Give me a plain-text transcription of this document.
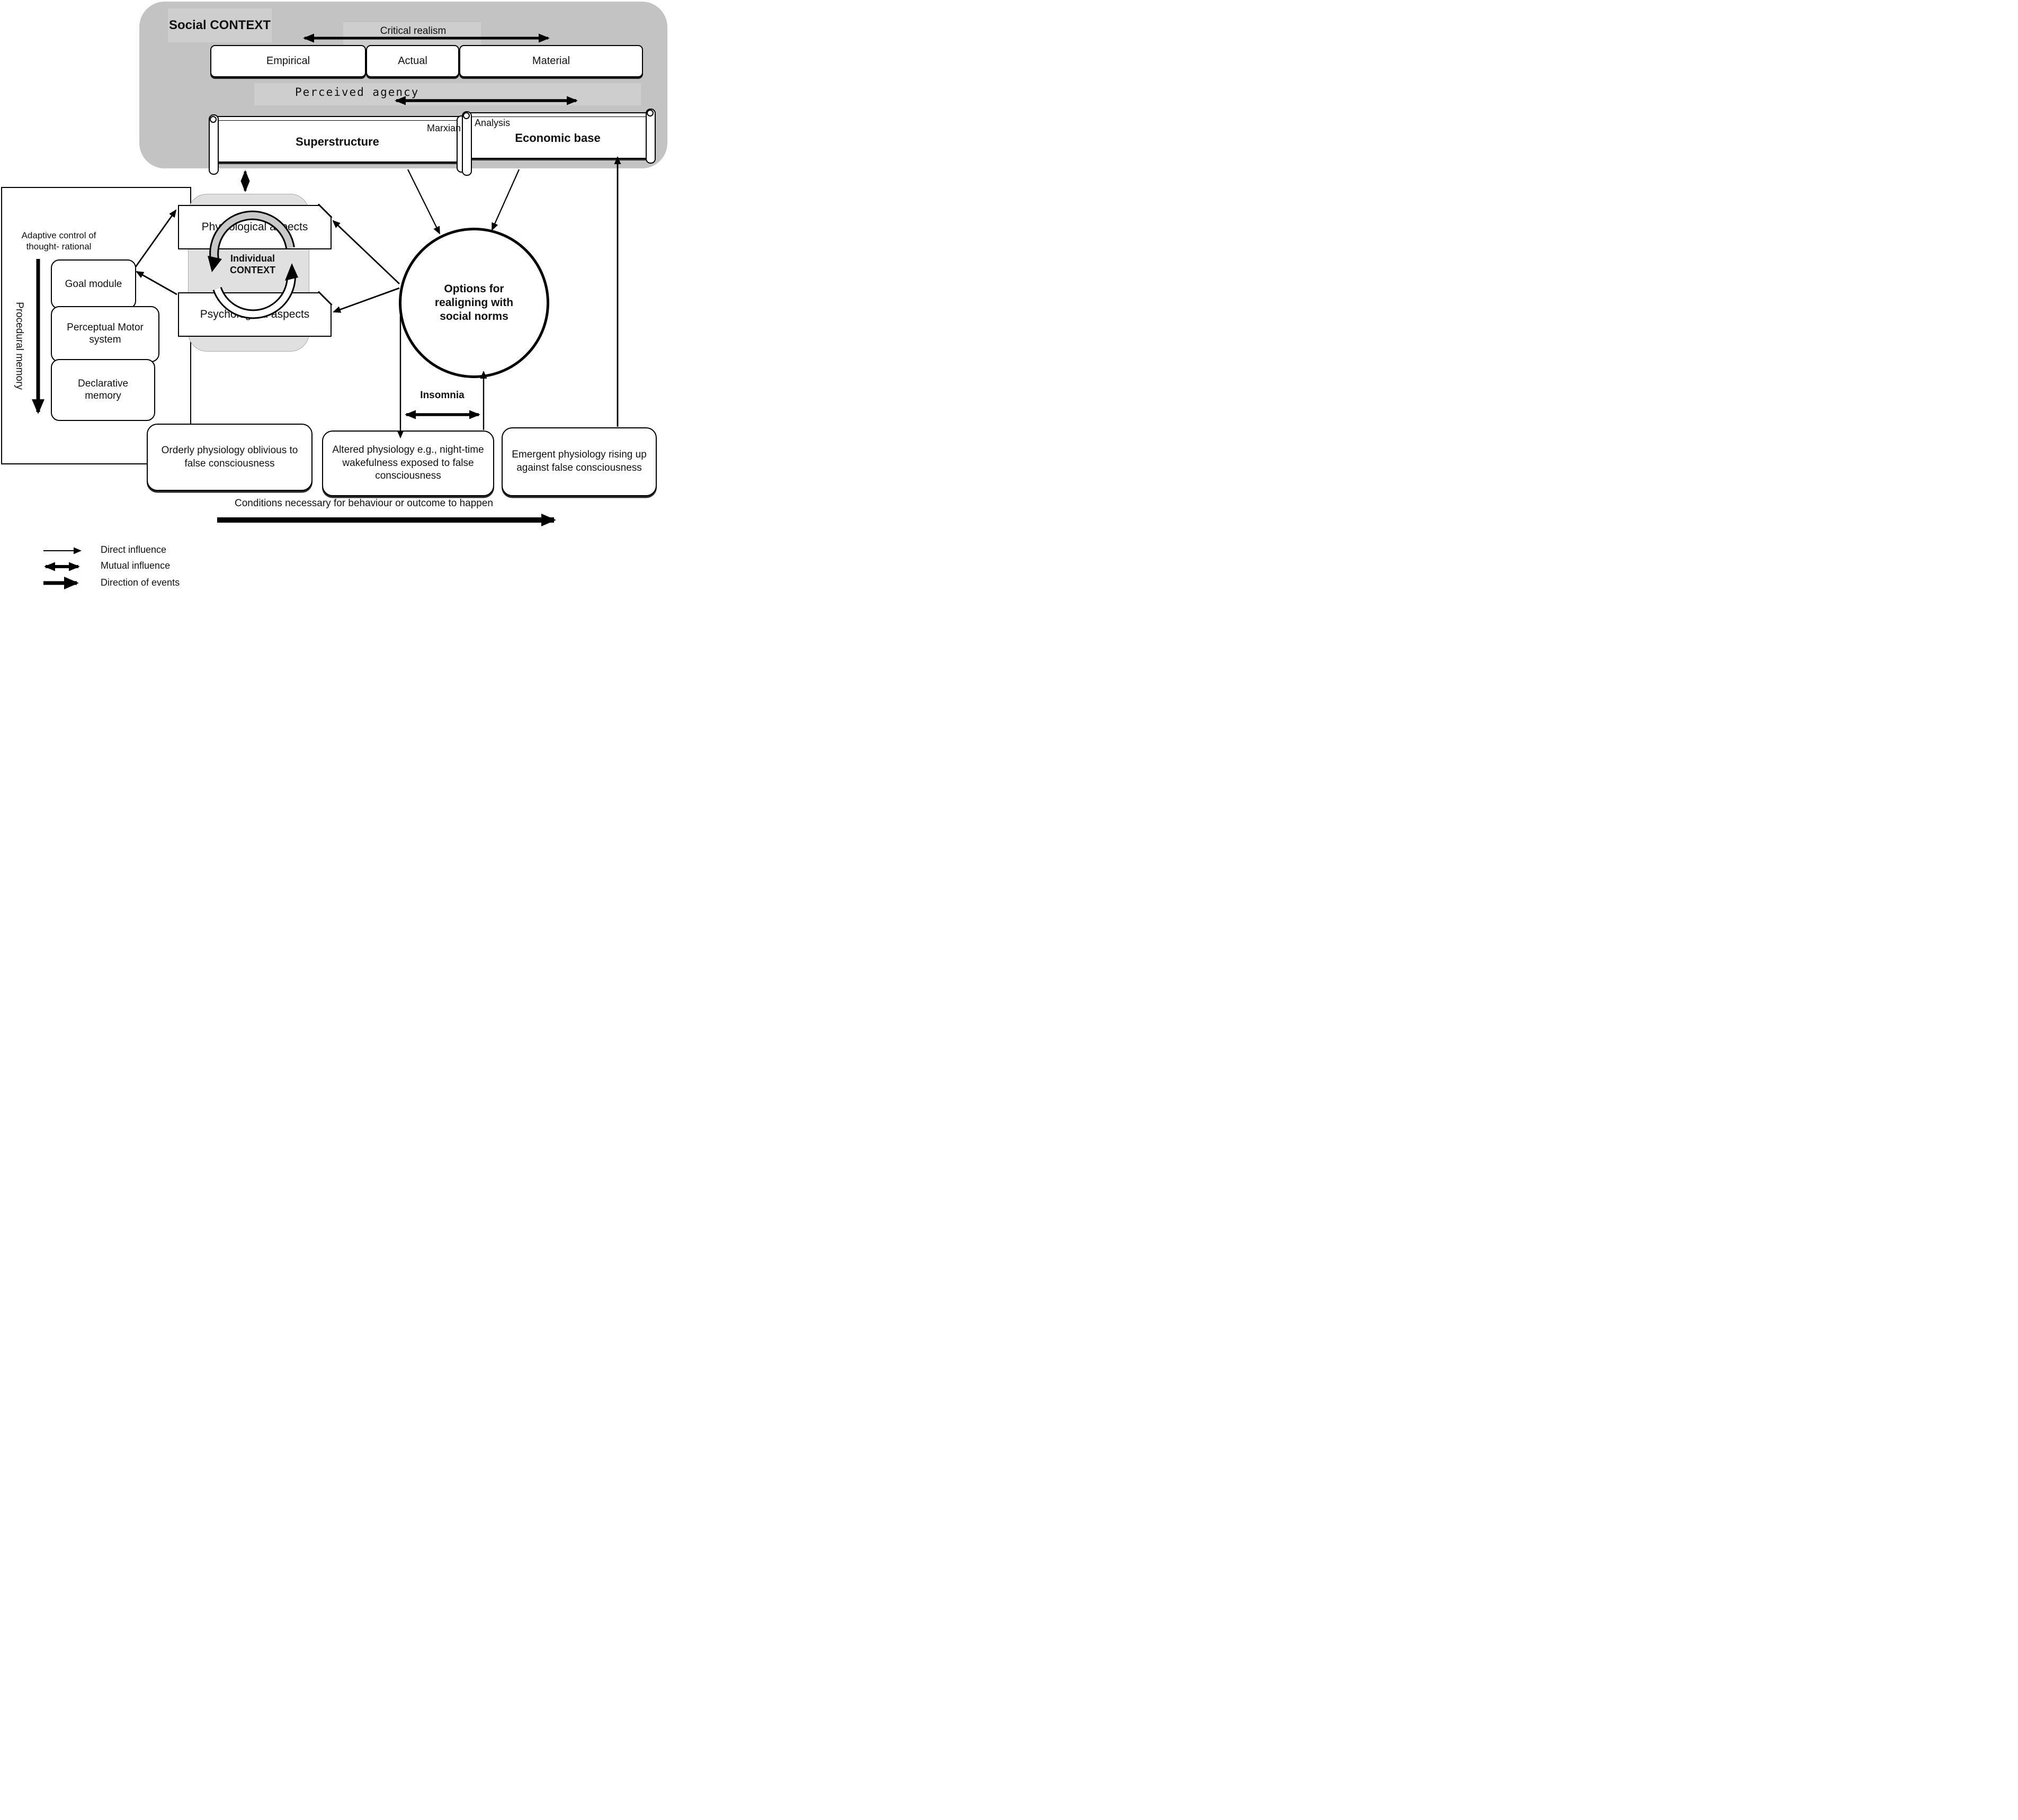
Social CONTEXT	Critical realism
Empirical	Actual	Material
Perceived agency
Marxian
Superstructure
Analysis
Economic base
Adaptive control of thought- rational
Procedural memory
Goal module
Perceptual Motor system
Declarative memory
Physiological aspects
Psychological aspects
Options for realigning with social norms
Insomnia
Orderly physiology oblivious to false consciousness
Altered physiology e.g., night-time wakefulness exposed to false consciousness
Emergent physiology rising up against false consciousness
Conditions necessary for behaviour or outcome to happen
Direct influence
Mutual influence
Direction of events
Individual CONTEXT
